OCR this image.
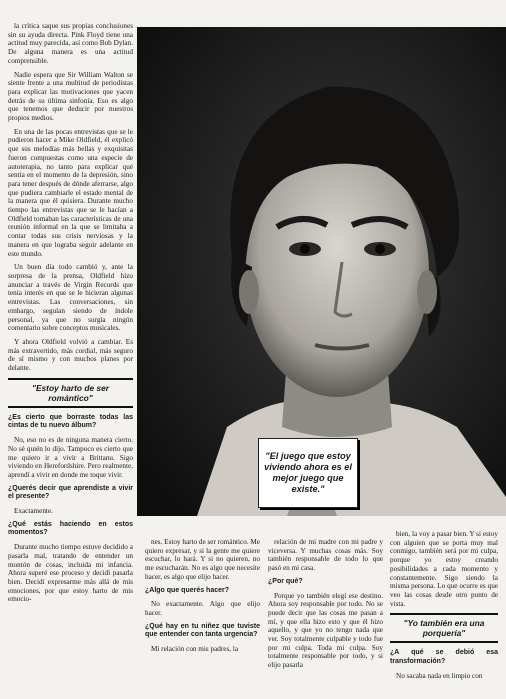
la crítica saque sus propias conclusiones sin su ayuda directa. Pink Floyd tiene una actitud muy parecida, así como Bob Dylan. De alguna manera es una actitud comprensible.

Nadie espera que Sir William Walton se siente frente a una multitud de periodistas para explicar las motivaciones que yacen detrás de su última sinfonía. Eso es algo que tenemos que deducir por nuestros propios medios.

En una de las pocas entrevistas que se le pudieron hacer a Mike Oldfield, él explicó que sus melodías más bellas y exquisitas fueron compuestas como una especie de autoterapia, no tanto para explicar qué sentía en el momento de la depresión, sino para tener después de dónde aferrarse, algo que pudiera cambiarle el estado mental de la manera que él quisiera. Durante mucho tiempo las entrevistas que se le hacían a Oldfield tomaban las características de una reunión informal en la que se limitaba a contar todas sus crisis nerviosas y la manera en que lograba seguir adelante en este mundo.

Un buen día todo cambió y, ante la sorpresa de la prensa, Oldfield hizo anunciar a través de Virgin Records que tenía interés en que se le hicieran algunas entrevistas. Las conversaciones, sin embargo, seguían siendo de índole personal, ya que no surgía ningún comentario sobre conceptos musicales.

Y ahora Oldfield volvió a cambiar. Es más extravertido, más cordial, más seguro de sí mismo y con muchos planes por delante.

"Estoy harto de ser romántico"

¿Es cierto que borraste todas las cintas de tu nuevo álbum?

No, eso no es de ninguna manera cierto. No sé quién lo dijo. Tampoco es cierto que me quiero ir a vivir a Brittanu. Sigo viviendo en Herefordshire. Pero realmente, aprendí a vivir en donde me toque vivir.

¿Querés decir que aprendiste a vivir el presente?

Exactamente.

¿Qué estás haciendo en estos momentos?

Durante mucho tiempo estuve decidido a pasarla mal, tratando de entender un montón de cosas, incluida mi infancia. Ahora superé ese proceso y decidí pasarla bien. Decidí expresarme más allá de mis emociones, por que estoy harto de mis emocio-

"El juego que estoy viviendo ahora es el mejor juego que existe."

nes. Estoy harto de ser romántico. Me quiero expresar, y si la gente me quiere escuchar, lo hará. Y si no quieren, no me escucharán. No es algo que necesite hacer, es algo que elijo hacer.

¿Algo que querés hacer?

No exactamente. Algo que elijo hacer.

¿Qué hay en tu niñez que tuviste que entender con tanta urgencia?

Mi relación con mis padres, la

relación de mi madre con mi padre y viceversa. Y muchas cosas más. Soy también responsable de todo lo que pasó en mi casa.

¿Por qué?

Porque yo también elegí ese destino. Ahora soy responsable por todo. No se puede decir que las cosas me pasan a mí, y que ella hizo esto y que él hizo aquello, y que yo no tengo nada que ver. Soy totalmente culpable y todo fue por mi culpa. Toda mi culpa. Soy totalmente responsable por todo, y si elijo pasarla

bien, la voy a pasar bien. Y si estoy con alguien que se porta muy mal conmigo, también será por mi culpa, porque yo estoy creando posibilidades a cada momento y constantemente. Sigo siendo la misma persona. Lo que ocurre es que veo las cosas desde otro punto de vista.

"Yo también era una porquería"

¿A qué se debió esa transformación?

No sacaba nada en limpio con
